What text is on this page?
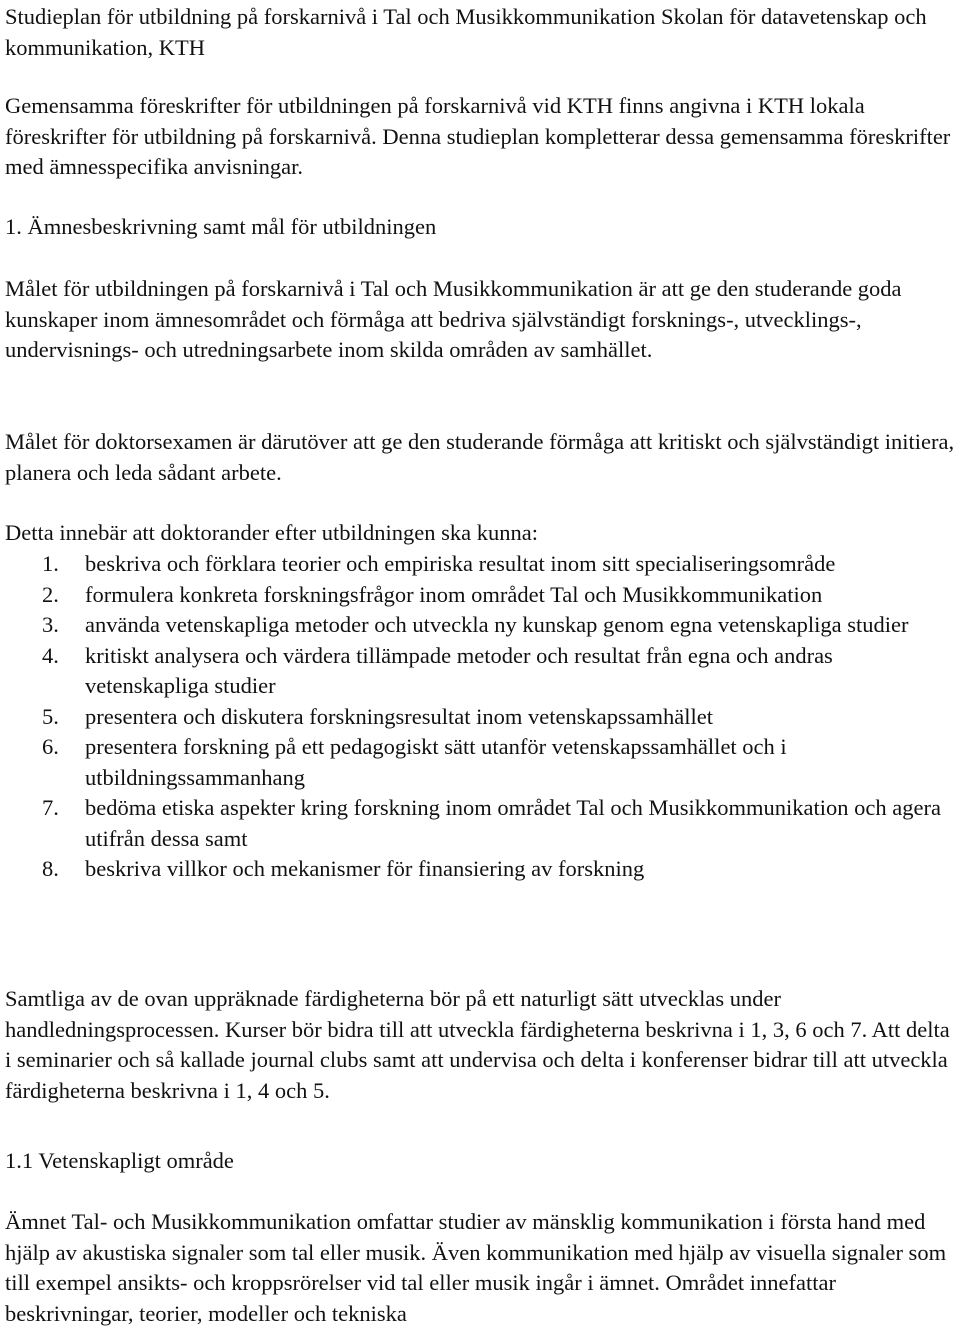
Studieplan för utbildning på forskarnivå i Tal och Musikkommunikation Skolan för datavetenskap och kommunikation, KTH

Gemensamma föreskrifter för utbildningen på forskarnivå vid KTH finns angivna i KTH lokala föreskrifter för utbildning på forskarnivå. Denna studieplan kompletterar dessa gemensamma föreskrifter med ämnesspecifika anvisningar.

1. Ämnesbeskrivning samt mål för utbildningen

Målet för utbildningen på forskarnivå i Tal och Musikkommunikation är att ge den studerande goda kunskaper inom ämnesområdet och förmåga att bedriva självständigt forsknings-, utvecklings-, undervisnings- och utredningsarbete inom skilda områden av samhället.

Målet för doktorsexamen är därutöver att ge den studerande förmåga att kritiskt och självständigt initiera, planera och leda sådant arbete.

Detta innebär att doktorander efter utbildningen ska kunna:

1. beskriva och förklara teorier och empiriska resultat inom sitt specialiseringsområde
2. formulera konkreta forskningsfrågor inom området Tal och Musikkommunikation
3. använda vetenskapliga metoder och utveckla ny kunskap genom egna vetenskapliga studier
4. kritiskt analysera och värdera tillämpade metoder och resultat från egna och andras vetenskapliga studier
5. presentera och diskutera forskningsresultat inom vetenskapssamhället
6. presentera forskning på ett pedagogiskt sätt utanför vetenskapssamhället och i utbildningssammanhang
7. bedöma etiska aspekter kring forskning inom området Tal och Musikkommunikation och agera utifrån dessa samt
8. beskriva villkor och mekanismer för finansiering av forskning

Samtliga av de ovan uppräknade färdigheterna bör på ett naturligt sätt utvecklas under handledningsprocessen. Kurser bör bidra till att utveckla färdigheterna beskrivna i 1, 3, 6 och 7. Att delta i seminarier och så kallade journal clubs samt att undervisa och delta i konferenser bidrar till att utveckla färdigheterna beskrivna i 1, 4 och 5.

1.1 Vetenskapligt område

Ämnet Tal- och Musikkommunikation omfattar studier av mänsklig kommunikation i första hand med hjälp av akustiska signaler som tal eller musik. Även kommunikation med hjälp av visuella signaler som till exempel ansikts- och kroppsrörelser vid tal eller musik ingår i ämnet. Området innefattar beskrivningar, teorier, modeller och tekniska
